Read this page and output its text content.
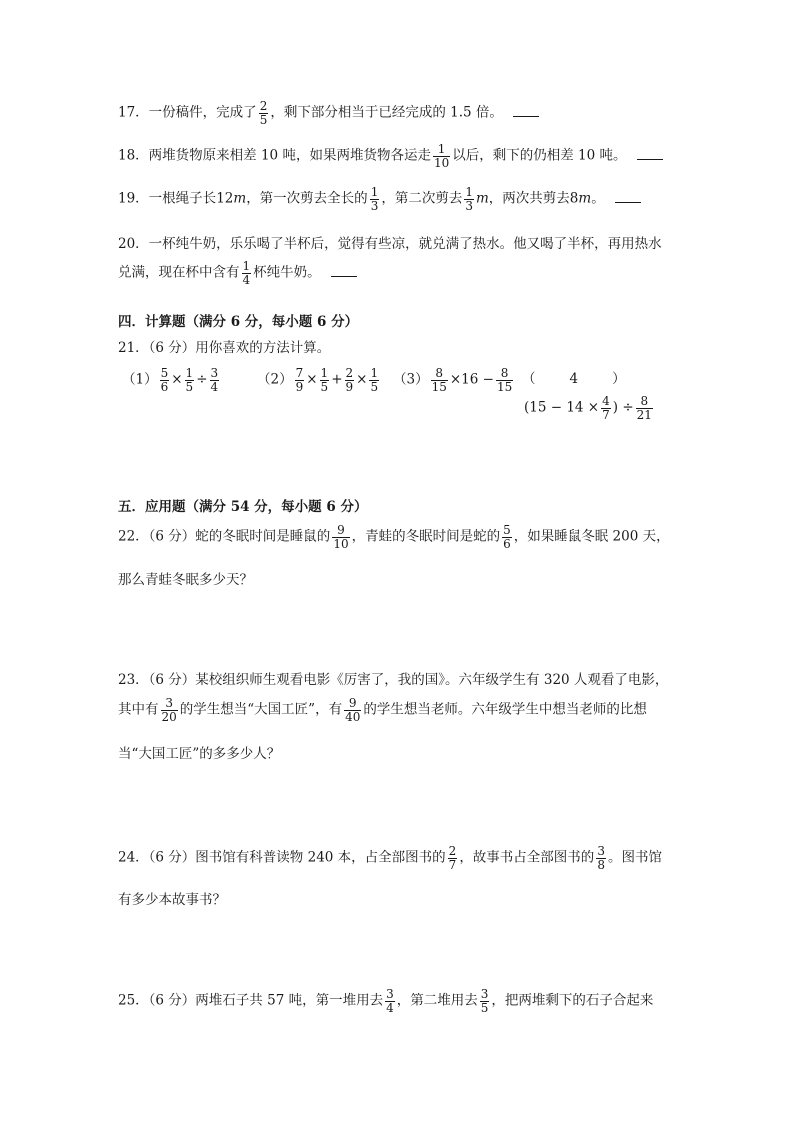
17．一份稿件，完成了 $\frac{2}{5}$ ，剩下部分相当于已经完成的 1.5 倍。
18．两堆货物原来相差 10 吨，如果两堆货物各运走 $\frac{1}{10}$ 以后，剩下的仍相差 10 吨。
19．一根绳子长12m，第一次剪去全长的 $\frac{1}{3}$ ，第二次剪去 $\frac{1}{3}$ m，两次共剪去8m。
20．一杯纯牛奶，乐乐喝了半杯后，觉得有些凉，就兑满了热水。他又喝了半杯，再用热水
兑满，现在杯中含有 $\frac{1}{4}$ 杯纯牛奶。
四．计算题（满分 6 分，每小题 6 分）
21．（6 分）用你喜欢的方法计算。
$(1) \frac{5}{6} \times \frac{1}{5} \div \frac{3}{4}$	$(2) \frac{7}{9} \times \frac{1}{5} + \frac{2}{9} \times \frac{1}{5} (3) \frac{8}{15} \times 16 - \frac{8}{15}$ （	4	）
($15 - 14 \times \frac{4}{7}$ ) ÷ $\frac{8}{21}$
五．应用题（满分 54 分，每小题 6 分）
22．（6 分）蛇的冬眠时间是睡鼠的 $\frac{9}{10}$ ，青蛙的冬眠时间是蛇的 $\frac{5}{6}$ ，如果睡鼠冬眠 200 天，
那么青蛙冬眠多少天？
23．（6 分）某校组织师生观看电影《厉害了，我的国》。六年级学生有 320 人观看了电影，
其中有 $\frac{3}{20}$ 的学生想当“大国工匠”，有 $\frac{9}{40}$ 的学生想当老师。六年级学生中想当老师的比想
当“大国工匠”的多多少人？
24．（6 分）图书馆有科普读物 240 本，占全部图书的 $\frac{2}{7}$ ，故事书占全部图书的 $\frac{3}{8}$ 。图书馆
有多少本故事书？
25．（6 分）两堆石子共 57 吨，第一堆用去 $\frac{3}{4}$ ，第二堆用去 $\frac{3}{5}$ ，把两堆剩下的石子合起来
